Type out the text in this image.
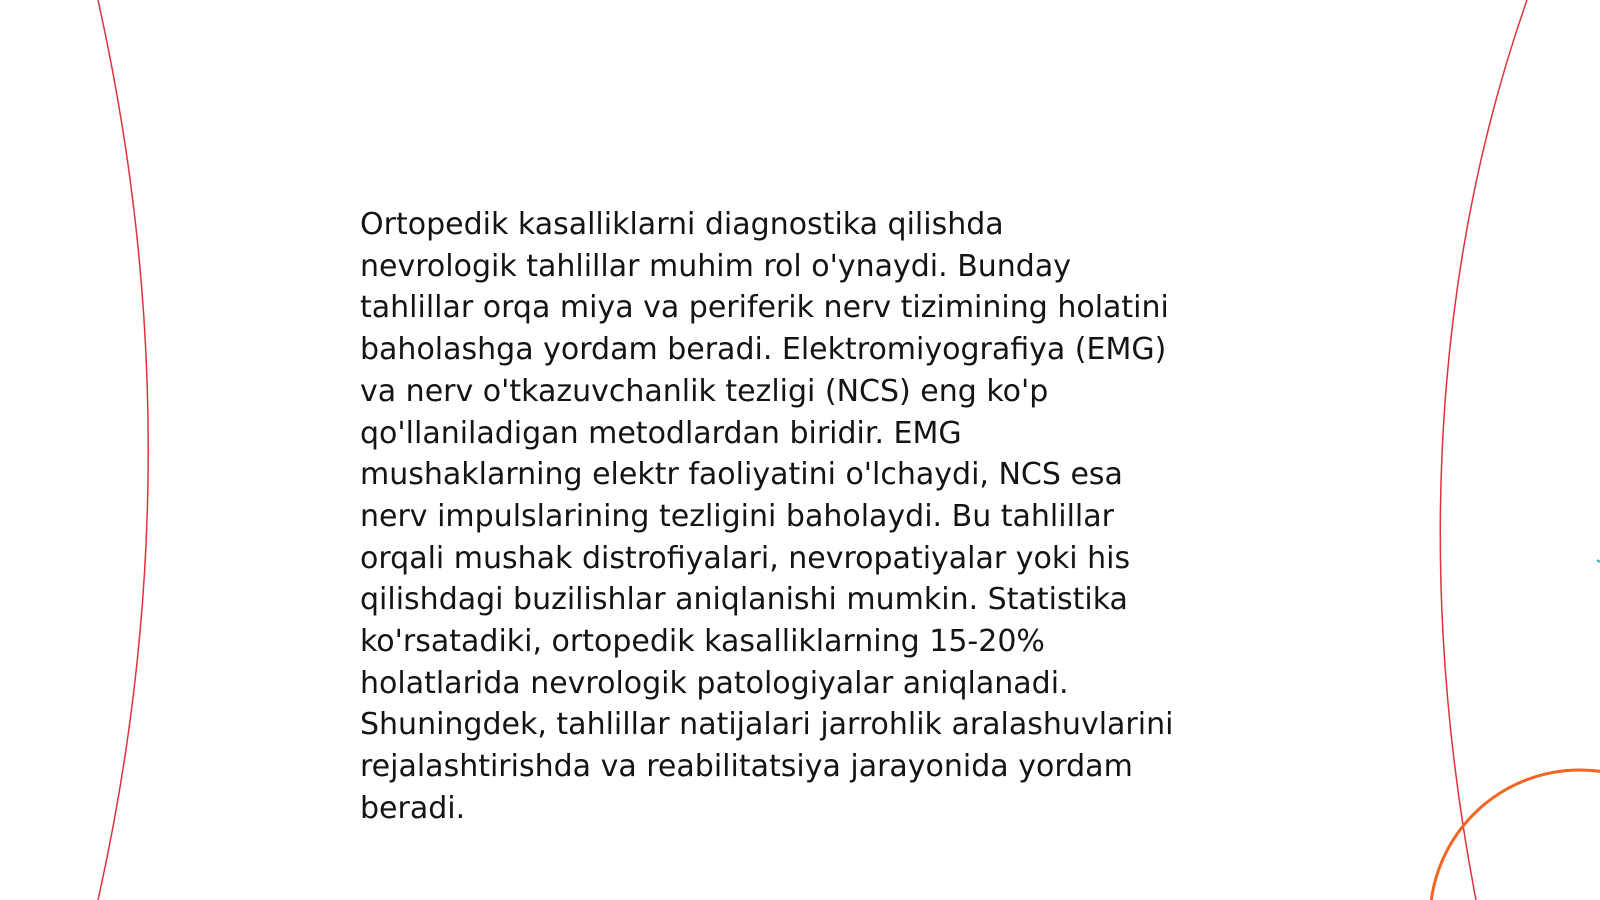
Ortopedik kasalliklarni diagnostika qilishda
nevrologik tahlillar muhim rol o'ynaydi. Bunday
tahlillar orqa miya va periferik nerv tizimining holatini
baholashga yordam beradi. Elektromiyografiya (EMG)
va nerv o'tkazuvchanlik tezligi (NCS) eng ko'p
qo'llaniladigan metodlardan biridir. EMG
mushaklarning elektr faoliyatini o'lchaydi, NCS esa
nerv impulslarining tezligini baholaydi. Bu tahlillar
orqali mushak distrofiyalari, nevropatiyalar yoki his
qilishdagi buzilishlar aniqlanishi mumkin. Statistika
ko'rsatadiki, ortopedik kasalliklarning 15-20%
holatlarida nevrologik patologiyalar aniqlanadi.
Shuningdek, tahlillar natijalari jarrohlik aralashuvlarini
rejalashtirishda va reabilitatsiya jarayonida yordam
beradi.
